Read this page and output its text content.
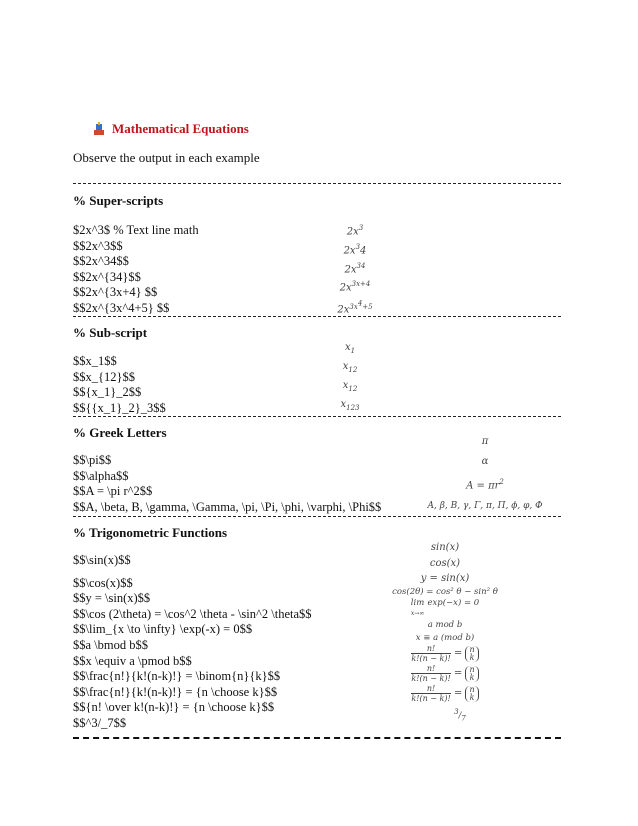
Mathematical Equations
Observe the output in each example
% Super-scripts
$2x^3$ % Text line math
$$2x^3$$
$$2x^34$$
$$2x^{34}$$
$$2x^{3x+4} $$
$$2x^{3x^4+5} $$
$2x^3$
$2x^34$
$2x^{34}$
$2x^{3x+4}$
$2x^{3x^4+5}$
% Sub-script
$$x_1$$
$$x_{12}$$
$${x_1}_2$$
$${{x_1}_2}_3$$
$x_1$
$x_{12}$
$x_{12}$
$x_{123}$
% Greek Letters
$$\pi$$
$$\alpha$$
$$A = \pi r^2$$
$$A, \beta, B, \gamma, \Gamma, \pi, \Pi, \phi, \varphi, \Phi$$
π
α
$A = \pi r^2$
A, β, B, γ, Γ, π, Π, ϕ, φ, Φ
% Trigonometric Functions
$$\sin(x)$$
$$\cos(x)$$
$$y = \sin(x)$$
$$\cos (2\theta) = \cos^2 \theta - \sin^2 \theta$$
$$\lim_{x \to \infty} \exp(-x) = 0$$
$$a \bmod b$$
$$x \equiv a \pmod b$$
$$\frac{n!}{k!(n-k)!} = \binom{n}{k}$$
$$\frac{n!}{k!(n-k)!} = {n \choose k}$$
$${n! \over k!(n-k)!} = {n \choose k}$$
$$^3/_7$$
sin(x)
cos(x)
y = sin(x)
cos(2θ) = cos² θ − sin² θ
lim
x→∞ exp(−x) = 0
a mod b
x ≡ a (mod b)
$\frac{n!}{k!(n - k)!} = n$
k
$\frac{n!}{k!(n - k)!} = n$
k
$\frac{n!}{k!(n - k)!} = n$
k
$^3/_7$
